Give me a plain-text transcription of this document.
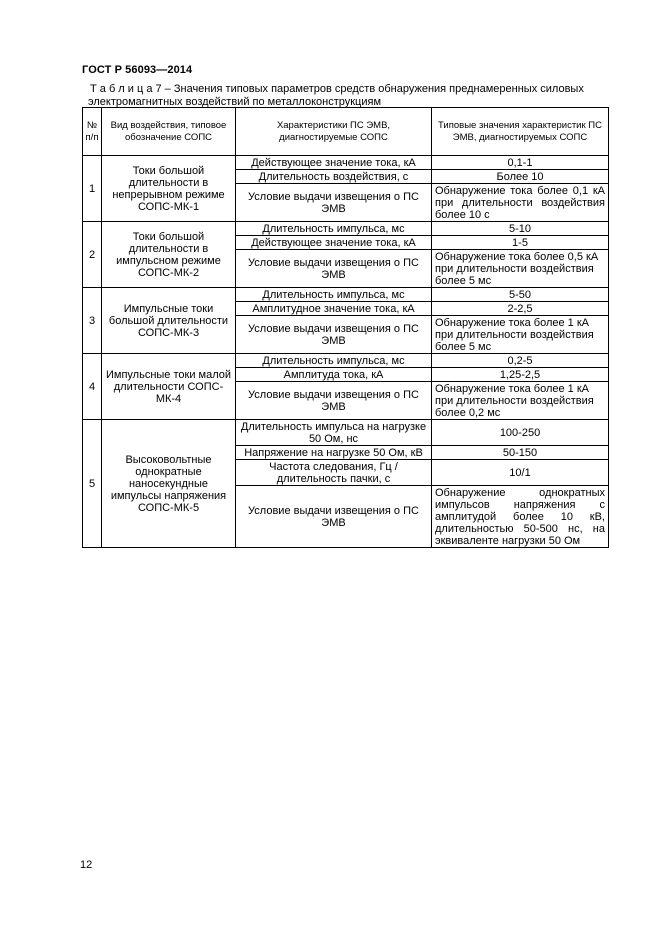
ГОСТ Р 56093—2014
Т а б л и ц а 7 – Значения типовых параметров средств обнаружения преднамеренных силовых
электромагнитных воздействий по металлоконструкциям
№ п/п	Вид воздействия, типовое обозначение СОПС	Характеристики ПС ЭМВ, диагностируемые СОПС	Типовые значения характеристик ПС ЭМВ, диагностируемых СОПС
1	Токи большой длительности в непрерывном режиме СОПС-МК-1	Действующее значение тока, кА	0,1-1
		Длительность воздействия, с	Более 10
		Условие выдачи извещения о ПС ЭМВ	Обнаружение тока более 0,1 кА при длительности воздействия более 10 с
2	Токи большой длительности в импульсном режиме СОПС-МК-2	Длительность импульса, мс	5-10
		Действующее значение тока, кА	1-5
		Условие выдачи извещения о ПС ЭМВ	Обнаружение тока более 0,5 кА при длительности воздействия более 5 мс
3	Импульсные токи большой длительности СОПС-МК-3	Длительность импульса, мс	5-50
		Амплитудное значение тока, кА	2-2,5
		Условие выдачи извещения о ПС ЭМВ	Обнаружение тока более 1 кА при длительности воздействия более 5 мс
4	Импульсные токи малой длительности СОПС-МК-4	Длительность импульса, мс	0,2-5
		Амплитуда тока, кА	1,25-2,5
		Условие выдачи извещения о ПС ЭМВ	Обнаружение тока более 1 кА при длительности воздействия более 0,2 мс
5	Высоковольтные однократные наносекундные импульсы напряжения СОПС-МК-5	Длительность импульса на нагрузке 50 Ом, нс	100-250
		Напряжение на нагрузке 50 Ом, кВ	50-150
		Частота следования, Гц / длительность пачки, с	10/1
		Условие выдачи извещения о ПС ЭМВ	Обнаружение однократных импульсов напряжения с амплитудой более 10 кВ, длительностью 50-500 нс, на эквиваленте нагрузки 50 Ом
12
